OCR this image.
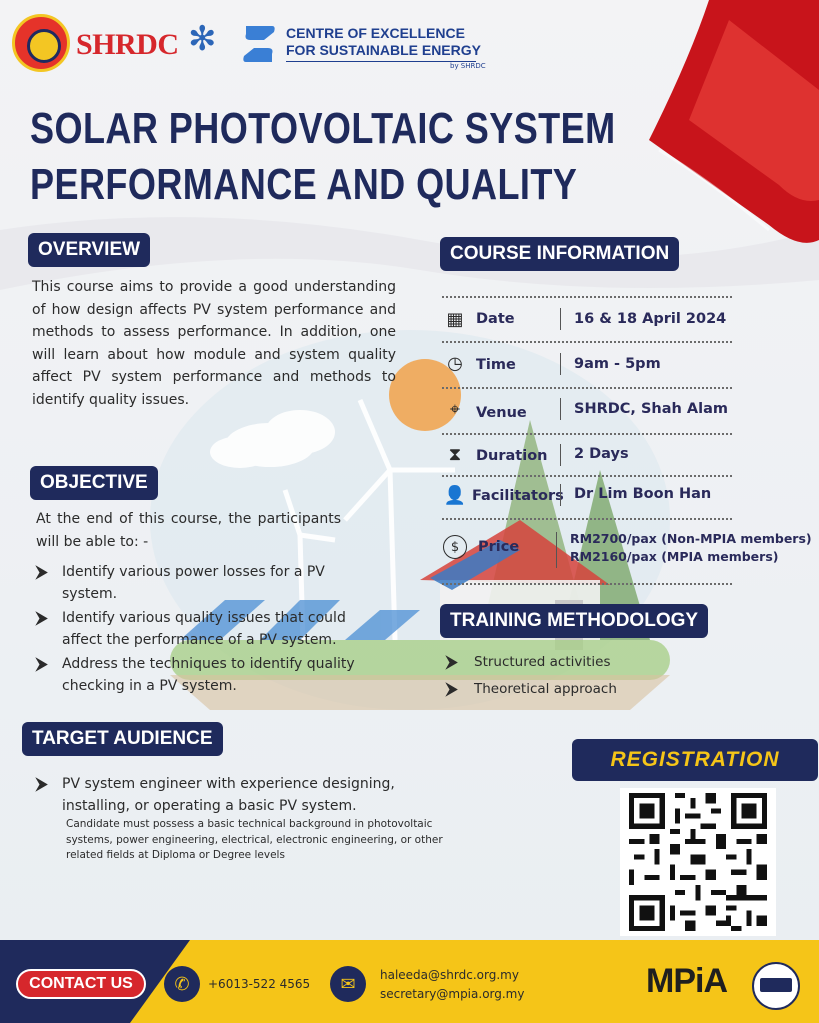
SHRDC ✻	CENTRE OF EXCELLENCE
FOR SUSTAINABLE ENERGY
by SHRDC
SOLAR PHOTOVOLTAIC SYSTEM
PERFORMANCE AND QUALITY
OVERVIEW
This course aims to provide a good understanding of how design affects PV system performance and methods to assess performance. In addition, one will learn about how module and system quality affect PV system performance and methods to identify quality issues.
OBJECTIVE
At the end of this course, the participants will be able to: -
⮞	Identify various power losses for a PV system.
⮞	Identify various quality issues that could affect the performance of a PV system.
⮞	Address the techniques to identify quality checking in a PV system.
TARGET AUDIENCE
⮞	PV system engineer with experience designing, installing, or operating a basic PV system.
Candidate must possess a basic technical background in photovoltaic systems, power engineering, electrical, electronic engineering, or other related fields at Diploma or Degree levels
COURSE INFORMATION
▦ Date	16 & 18 April 2024
◷ Time	9am - 5pm
⌖	Venue	SHRDC, Shah Alam
⧗	Duration 2 Days
👤 Facilitators Dr Lim Boon Han
$	Price
RM2700/pax (Non-MPIA members)
RM2160/pax (MPIA members)
TRAINING METHODOLOGY
⮞	Structured activities
⮞	Theoretical approach
REGISTRATION
CONTACT US	✆	+6013-522 4565	✉	haleeda@shrdc.org.my
secretary@mpia.org.my	MPiA
